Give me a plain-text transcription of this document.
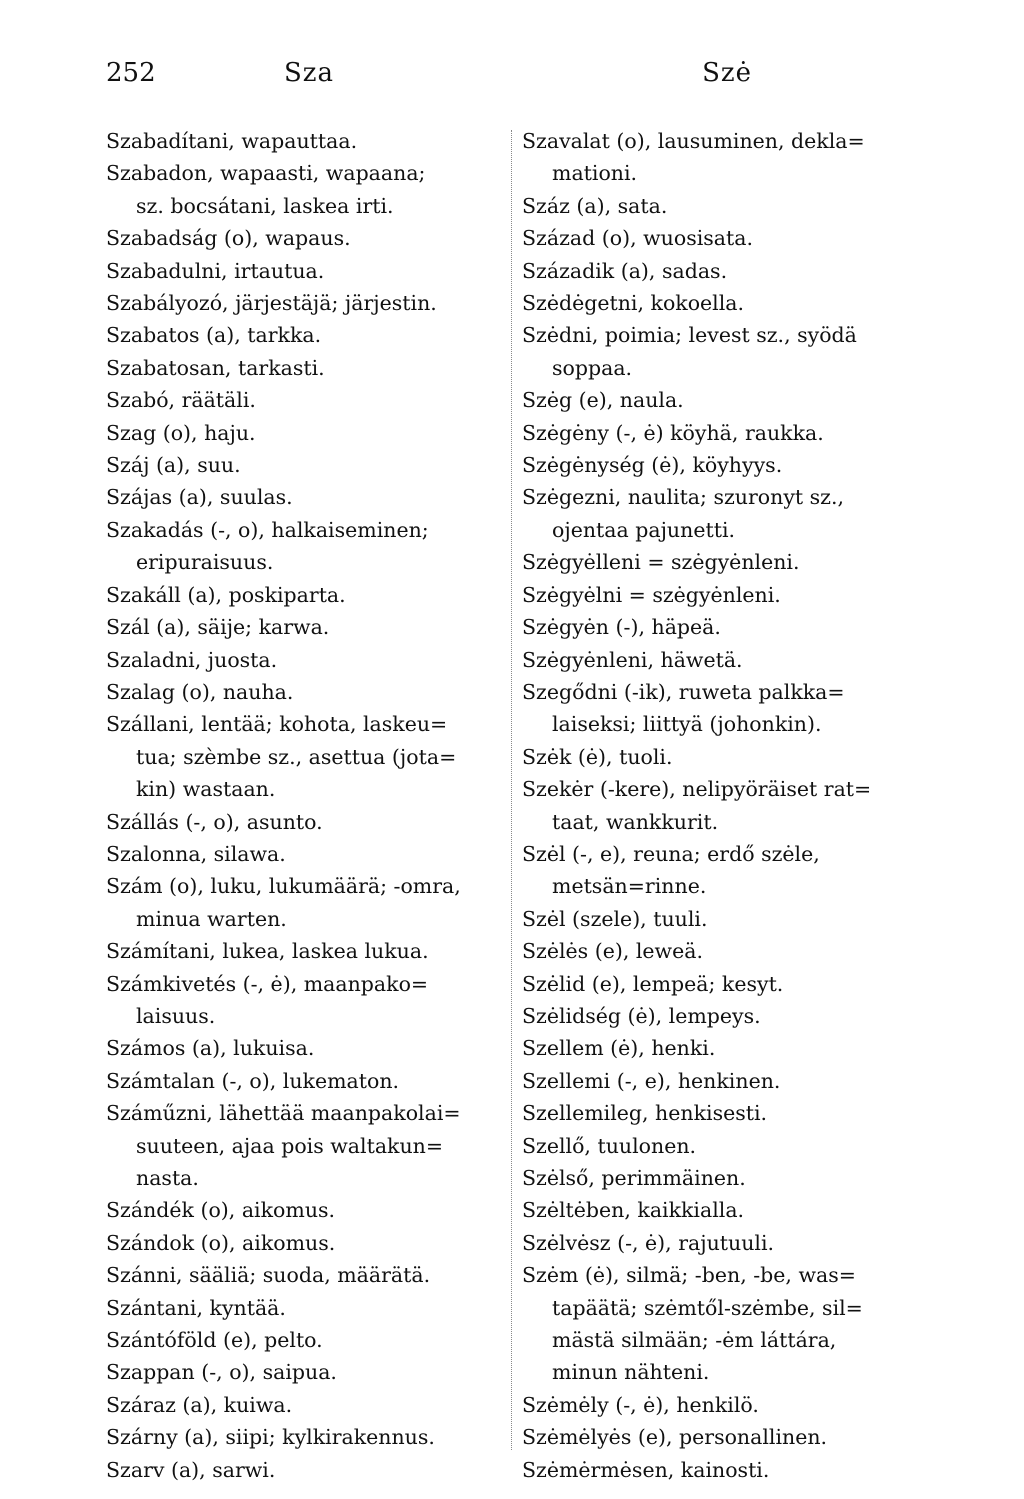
252	Sza	Szė
Szabadítani, wapauttaa.
Szabadon, wapaasti, wapaana;
sz. bocsátani, laskea irti.
Szabadság (o), wapaus.
Szabadulni, irtautua.
Szabályozó, järjestäjä; järjestin.
Szabatos (a), tarkka.
Szabatosan, tarkasti.
Szabó, räätäli.
Szag (o), haju.
Száj (a), suu.
Szájas (a), suulas.
Szakadás (-, o), halkaiseminen;
eripuraisuus.
Szakáll (a), poskiparta.
Szál (a), säije; karwa.
Szaladni, juosta.
Szalag (o), nauha.
Szállani, lentää; kohota, laskeu=
tua; szèmbe sz., asettua (jota=
kin) wastaan.
Szállás (-, o), asunto.
Szalonna, silawa.
Szám (o), luku, lukumäärä; -omra,
minua warten.
Számítani, lukea, laskea lukua.
Számkivetés (-, ė), maanpako=
laisuus.
Számos (a), lukuisa.
Számtalan (-, o), lukematon.
Száműzni, lähettää maanpakolai=
suuteen, ajaa pois waltakun=
nasta.
Szándék (o), aikomus.
Szándok (o), aikomus.
Szánni, sääliä; suoda, määrätä.
Szántani, kyntää.
Szántóföld (e), pelto.
Szappan (-, o), saipua.
Száraz (a), kuiwa.
Szárny (a), siipi; kylkirakennus.
Szarv (a), sarwi.
Szavalat (o), lausuminen, dekla=
mationi.
Száz (a), sata.
Század (o), wuosisata.
Századik (a), sadas.
Szėdėgetni, kokoella.
Szėdni, poimia; levest sz., syödä
soppaa.
Szėg (e), naula.
Szėgėny (-, ė) köyhä, raukka.
Szėgėnység (ė), köyhyys.
Szėgezni, naulita; szuronyt sz.,
ojentaa pajunetti.
Szėgyėlleni = szėgyėnleni.
Szėgyėlni = szėgyėnleni.
Szėgyėn (-), häpeä.
Szėgyėnleni, häwetä.
Szegődni (-ik), ruweta palkka=
laiseksi; liittyä (johonkin).
Szėk (ė), tuoli.
Szekėr (-kere), nelipyöräiset rat=
taat, wankkurit.
Szėl (-, e), reuna; erdő szėle,
metsän=rinne.
Szėl (szele), tuuli.
Szėlės (e), leweä.
Szėlid (e), lempeä; kesyt.
Szėlidség (ė), lempeys.
Szellem (ė), henki.
Szellemi (-, e), henkinen.
Szellemileg, henkisesti.
Szellő, tuulonen.
Szėlső, perimmäinen.
Szėltėben, kaikkialla.
Szėlvėsz (-, ė), rajutuuli.
Szėm (ė), silmä; -ben, -be, was=
tapäätä; szėmtől-szėmbe, sil=
mästä silmään; -ėm láttára,
minun nähteni.
Szėmėly (-, ė), henkilö.
Szėmėlyės (e), personallinen.
Szėmėrmėsen, kainosti.
